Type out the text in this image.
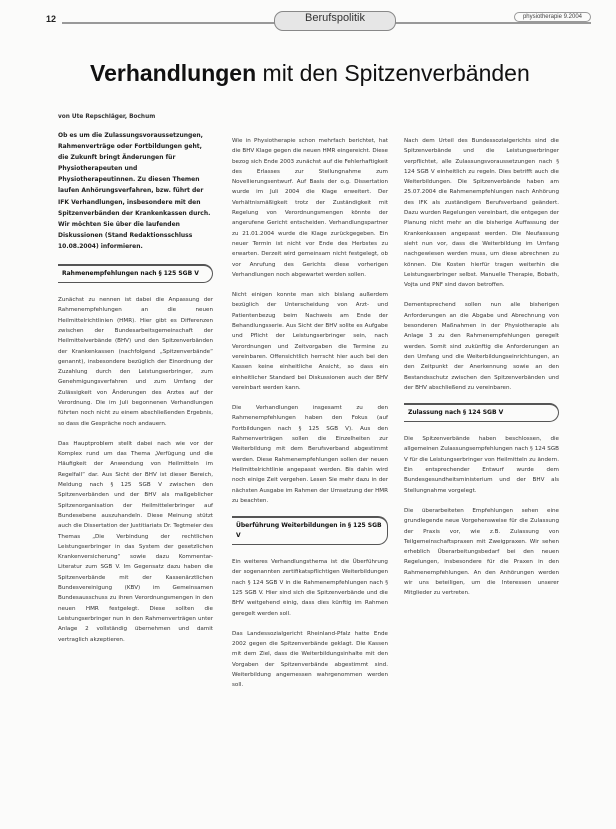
12	Berufspolitik	physiotherapie 9.2004
Verhandlungen mit den Spitzenverbänden
von Ute Repschläger, Bochum
Ob es um die Zulassungsvoraussetzungen, Rahmenverträge oder Fortbildungen geht, die Zukunft bringt Änderungen für Physiotherapeuten und Physiotherapeutinnen. Zu diesen Themen laufen Anhörungsverfahren, bzw. führt der IFK Verhandlungen, insbesondere mit den Spitzenverbänden der Krankenkassen durch. Wir möchten Sie über die laufenden Diskussionen (Stand Redaktionsschluss 10.08.2004) informieren.
Rahmenempfehlungen nach § 125 SGB V

Zunächst zu nennen ist dabei die Anpassung der Rahmenempfehlungen an die neuen Heilmittelrichtlinien (HMR). Hier gibt es Differenzen zwischen der Bundesarbeitsgemeinschaft der Heilmittelverbände (BHV) und den Spitzenverbänden der Krankenkassen (nachfolgend „Spitzenverbände“ genannt), insbesondere bezüglich der Einordnung der Zuzahlung durch den Leistungserbringer, zum Genehmigungsverfahren und zum Umfang der Zulässigkeit von Änderungen des Arztes auf der Verordnung. Die im Juli begonnenen Verhandlungen führten noch nicht zu einem abschließenden Ergebnis, so dass die Gespräche noch andauern.

Das Hauptproblem stellt dabei nach wie vor der Komplex rund um das Thema „Verfügung und die Häufigkeit der Anwendung von Heilmitteln im Regelfall“ dar. Aus Sicht der BHV ist dieser Bereich, Meldung nach § 125 SGB V zwischen den Spitzenverbänden und der BHV als maßgeblicher Spitzenorganisation der Heilmittelerbringer auf Bundesebene auszuhandeln. Diese Meinung stützt auch die Dissertation der Justitiariats Dr. Tegtmeier des Themas „Die Verbindung der rechtlichen Leistungserbringer in das System der gesetzlichen Krankenversicherung“ sowie dazu Kommentar-Literatur zum SGB V. Im Gegensatz dazu haben die Spitzenverbände mit der Kassenärztlichen Bundesvereinigung (KBV) im Gemeinsamen Bundesausschuss zu ihren Verordnungsmengen in den neuen HMR festgelegt. Diese sollten die Leistungserbringer nun in den Rahmenverträgen unter Anlage 2 vollständig übernehmen und damit vertraglich akzeptieren.

Wie in Physiotherapie schon mehrfach berichtet, hat die BHV Klage gegen die neuen HMR eingereicht. Diese bezog sich Ende 2003 zunächst auf die Fehlerhaftigkeit des Erlasses zur Stellungnahme zum Novellierungsentwurf. Auf Basis der o.g. Dissertation wurde im Juli 2004 die Klage erweitert. Der Verhältnismäßigkeit trotz der Zuständigkeit mit Regelung von Verordnungsmengen könnte der angerufene Gericht entscheiden. Verhandlungspartner zu 21.01.2004 wurde die Klage zurückgegeben. Ein neuer Termin ist nicht vor Ende des Herbstes zu erwarten. Derzeit wird gemeinsam nicht festgelegt, ob vor Anrufung des Gerichts diese vorherigen Verhandlungen noch abgewartet werden sollen.

Nicht einigen konnte man sich bislang außerdem bezüglich der Unterscheidung von Arzt- und Patientenbezug beim Nachweis am Ende der Behandlungsserie. Aus Sicht der BHV sollte es Aufgabe und Pflicht der Leistungserbringer sein, nach Verordnungen und Zeitvorgaben die Termine zu vereinbaren. Offensichtlich herrscht hier auch bei den Kassen keine einheitliche Ansicht, so dass ein einheitlicher Standard bei Diskussionen auch der BHV vereinbart werden kann.

Die Verhandlungen insgesamt zu den Rahmenempfehlungen haben den Fokus (auf Fortbildungen nach § 125 SGB V). Aus den Rahmenverträgen sollen die Einzelheiten zur Weiterbildung mit dem Berufsverband abgestimmt werden. Diese Rahmenempfehlungen sollen der neuen Heilmittelrichtlinie angepasst werden. Bis dahin wird noch einige Zeit vergehen. Lesen Sie mehr dazu in der nächsten Ausgabe im Rahmen der Umsetzung der HMR zu beachten.

Überführung Weiterbildungen in § 125 SGB V

Ein weiteres Verhandlungsthema ist die Überführung der sogenannten zertifikatspflichtigen Weiterbildungen nach § 124 SGB V in die Rahmenempfehlungen nach § 125 SGB V. Hier sind sich die Spitzenverbände und die BHV weitgehend einig, dass dies künftig im Rahmen geregelt werden soll.

Das Landessozialgericht Rheinland-Pfalz hatte Ende 2002 gegen die Spitzenverbände geklagt. Die Kassen mit dem Ziel, dass die Weiterbildungsinhalte mit den Vorgaben der Spitzenverbände abgestimmt sind. Weiterbildung angemessen wahrgenommen werden soll.

Nach dem Urteil des Bundessozialgerichts sind die Spitzenverbände und die Leistungserbringer verpflichtet, alle Zulassungsvoraussetzungen nach § 124 SGB V einheitlich zu regeln. Dies betrifft auch die Weiterbildungen. Die Spitzenverbände haben am 25.07.2004 die Rahmenempfehlungen nach Anhörung des IFK als zuständigem Berufsverband geändert. Dazu wurden Regelungen vereinbart, die entgegen der Planung nicht mehr an die bisherige Auffassung der Krankenkassen angepasst werden. Die Neufassung sieht nun vor, dass die Weiterbildung im Umfang nachgewiesen werden muss, um diese abrechnen zu können. Die Kosten hierfür tragen weiterhin die Leistungserbringer selbst. Manuelle Therapie, Bobath, Vojta und PNF sind davon betroffen.

Dementsprechend sollen nun alle bisherigen Anforderungen an die Abgabe und Abrechnung von besonderen Maßnahmen in der Physiotherapie als Anlage 3 zu den Rahmenempfehlungen geregelt werden. Somit sind zukünftig die Anforderungen an den Umfang und die Weiterbildungseinrichtungen, an den Zeitpunkt der Anerkennung sowie an den Bestandsschutz zwischen den Spitzenverbänden und der BHV abschließend zu vereinbaren.

Zulassung nach § 124 SGB V

Die Spitzenverbände haben beschlossen, die allgemeinen Zulassungsempfehlungen nach § 124 SGB V für die Leistungserbringer von Heilmitteln zu ändern. Ein entsprechender Entwurf wurde dem Bundesgesundheitsministerium und der BHV als Stellungnahme vorgelegt.

Die überarbeiteten Empfehlungen sehen eine grundlegende neue Vorgehensweise für die Zulassung der Praxis vor, wie z.B. Zulassung von Teilgemeinschaftspraxen mit Zweigpraxen. Wir sehen erheblich Überarbeitungsbedarf bei den neuen Regelungen, insbesondere für die Praxen in den Rahmenempfehlungen. An den Anhörungen werden wir uns beteiligen, um die Interessen unserer Mitglieder zu vertreten.
